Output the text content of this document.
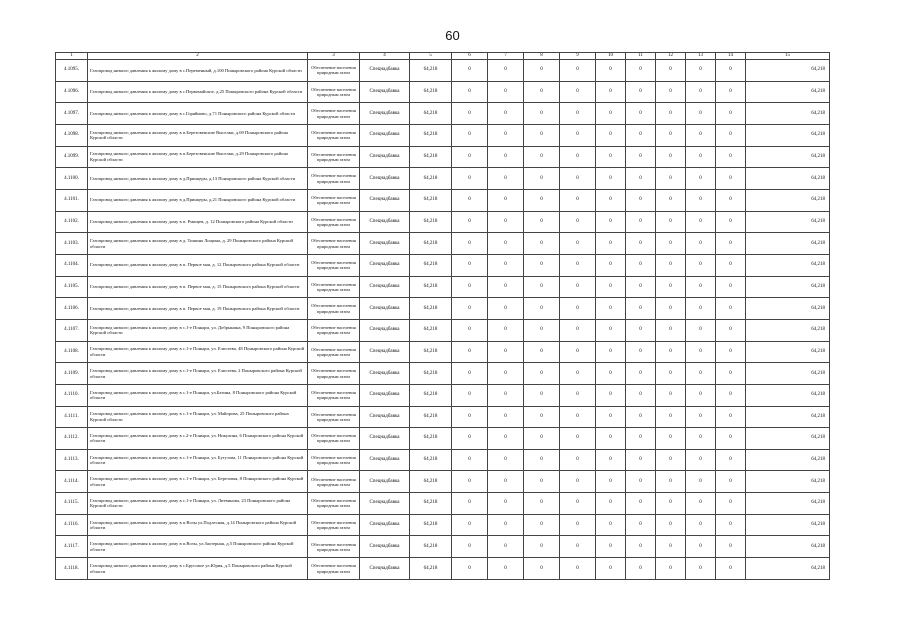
60
1	2	3	4	5	6	7	8	9	10	11	12	13	14	15
4.1095.	Газопровод низкого давления к жилому дому в с.Переменный, д.100 Поныровского района Курской области	Обеспечение населения природным газом	Спецнадбавка	64,218	0	0	0	0	0	0	0	0	0	64,218
4.1096.	Газопровод низкого давления к жилому дому в с.Первомайское, д.25 Поныровского района Курской области	Обеспечение населения природным газом	Спецнадбавка	64,218	0	0	0	0	0	0	0	0	0	64,218
4.1097.	Газопровод низкого давления к жилому дому в с.Горяйново, д.71 Поныровского района Курской области	Обеспечение населения природным газом	Спецнадбавка	64,218	0	0	0	0	0	0	0	0	0	64,218
4.1098.	Газопровод низкого давления к жилому дому в п.Березовенские Выселки, д.69 Поныровского района Курской области	Обеспечение населения природным газом	Спецнадбавка	64,218	0	0	0	0	0	0	0	0	0	64,218
4.1099.	Газопровод низкого давления к жилому дому в п.Березовенские Выселки, д.29 Поныровского района Курской области	Обеспечение населения природным газом	Спецнадбавка	64,218	0	0	0	0	0	0	0	0	0	64,218
4.1100.	Газопровод низкого давления к жилому дому в д.Принцеры, д.13 Поныровского района Курской области	Обеспечение населения природным газом	Спецнадбавка	64,218	0	0	0	0	0	0	0	0	0	64,218
4.1101.	Газопровод низкого давления к жилому дому в д.Принцеры, д.21 Поныровского района Курской области	Обеспечение населения природным газом	Спецнадбавка	64,218	0	0	0	0	0	0	0	0	0	64,218
4.1102.	Газопровод низкого давления к жилому дому в п. Рмищев, д. 12 Поныровского района Курской области	Обеспечение населения природным газом	Спецнадбавка	64,218	0	0	0	0	0	0	0	0	0	64,218
4.1103.	Газопровод низкого давления к жилому дому в д. Тишина Лощина, д. 29 Поныровского района Курской области	Обеспечение населения природным газом	Спецнадбавка	64,218	0	0	0	0	0	0	0	0	0	64,218
4.1104.	Газопровод низкого давления к жилому дому в п. Первое мая, д. 12 Поныровского района Курской области	Обеспечение населения природным газом	Спецнадбавка	64,218	0	0	0	0	0	0	0	0	0	64,218
4.1105.	Газопровод низкого давления к жилому дому в п. Первое мая, д. 15 Поныровского района Курской области	Обеспечение населения природным газом	Спецнадбавка	64,218	0	0	0	0	0	0	0	0	0	64,218
4.1106.	Газопровод низкого давления к жилому дому в п. Первое мая, д. 19 Поныровского района Курской области	Обеспечение населения природным газом	Спецнадбавка	64,218	0	0	0	0	0	0	0	0	0	64,218
4.1107.	Газопровод низкого давления к жилому дому в с.1-е Поныри, ул. Добрынина, 9 Поныровского района Курской области	Обеспечение населения природным газом	Спецнадбавка	64,218	0	0	0	0	0	0	0	0	0	64,218
4.1108.	Газопровод низкого давления к жилому дому в с.1-е Поныри, ул. Елисеева, 48 Поныровского района Курской области	Обеспечение населения природным газом	Спецнадбавка	64,218	0	0	0	0	0	0	0	0	0	64,218
4.1109.	Газопровод низкого давления к жилому дому в с.1-е Поныри, ул. Елисеева, 2 Поныровского района Курской области	Обеспечение населения природным газом	Спецнадбавка	64,218	0	0	0	0	0	0	0	0	0	64,218
4.1110.	Газопровод низкого давления к жилому дому в с.1-е Поныри, ул.Батина, 8 Поныровского района Курской области	Обеспечение населения природным газом	Спецнадбавка	64,218	0	0	0	0	0	0	0	0	0	64,218
4.1111.	Газопровод низкого давления к жилому дому в с.1-е Поныри, ул. Майорова, 25 Поныровского района Курской области	Обеспечение населения природным газом	Спецнадбавка	64,218	0	0	0	0	0	0	0	0	0	64,218
4.1112.	Газопровод низкого давления к жилому дому в с.2-е Поныри, ул. Никулина, 6 Поныровского района Курской области	Обеспечение населения природным газом	Спецнадбавка	64,218	0	0	0	0	0	0	0	0	0	64,218
4.1113.	Газопровод низкого давления к жилому дому в с.1-е Поныри, ул. Бутузова, 11 Поныровского района Курской области	Обеспечение населения природным газом	Спецнадбавка	64,218	0	0	0	0	0	0	0	0	0	64,218
4.1114.	Газопровод низкого давления к жилому дому в с.1-е Поныри, ул. Березовая, 8 Поныровского района Курской области	Обеспечение населения природным газом	Спецнадбавка	64,218	0	0	0	0	0	0	0	0	0	64,218
4.1115.	Газопровод низкого давления к жилому дому в с.1-е Поныри, ул. Литвинова, 23 Поныровского района Курской области	Обеспечение населения природным газом	Спецнадбавка	64,218	0	0	0	0	0	0	0	0	0	64,218
4.1116.	Газопровод низкого давления к жилому дому в п.Возы ул.Подлесная, д.14 Поныровского района Курской области	Обеспечение населения природным газом	Спецнадбавка	64,218	0	0	0	0	0	0	0	0	0	64,218
4.1117.	Газопровод низкого давления к жилому дому в п.Возы, ул.Заозерная, д.5 Поныровского района Курской области	Обеспечение населения природным газом	Спецнадбавка	64,218	0	0	0	0	0	0	0	0	0	64,218
4.1118.	Газопровод низкого давления к жилому дому в с.Брусовое ул.Юрия, д.5 Поныровского района Курской области	Обеспечение населения природным газом	Спецнадбавка	64,218	0	0	0	0	0	0	0	0	0	64,218
